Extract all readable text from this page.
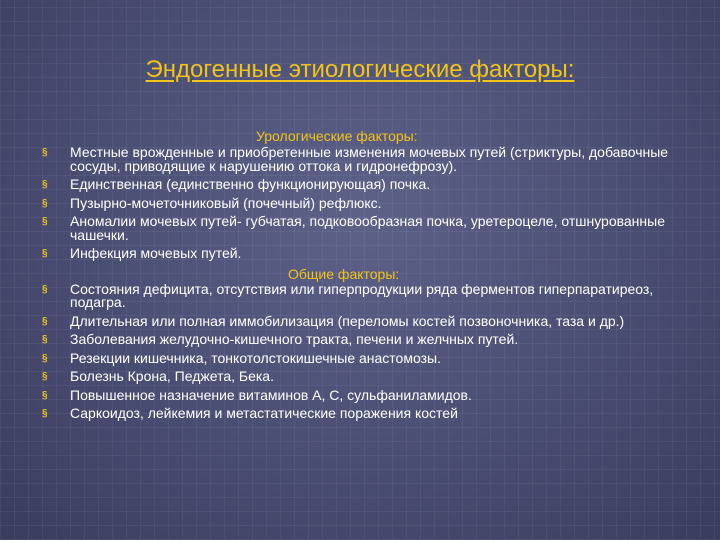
Эндогенные этиологические факторы:
Урологические факторы:
§ Местные врожденные и приобретенные изменения мочевых путей (стриктуры, добавочные сосуды, приводящие к нарушению оттока и гидронефрозу).
§ Единственная (единственно функционирующая) почка.
§ Пузырно-мочеточниковый (почечный) рефлюкс.
§ Аномалии мочевых путей- губчатая, подковообразная почка, уретероцеле, отшнурованные чашечки.
§ Инфекция мочевых путей.
Общие факторы:
§ Состояния дефицита, отсутствия или гиперпродукции ряда ферментов гиперпаратиреоз, подагра.
§ Длительная или полная иммобилизация (переломы костей позвоночника, таза и др.)
§ Заболевания желудочно-кишечного тракта, печени и желчных путей.
§ Резекции кишечника, тонкотолстокишечные анастомозы.
§ Болезнь Крона, Педжета, Бека.
§ Повышенное назначение витаминов А, С, сульфаниламидов.
§ Саркоидоз, лейкемия и метастатические поражения костей
